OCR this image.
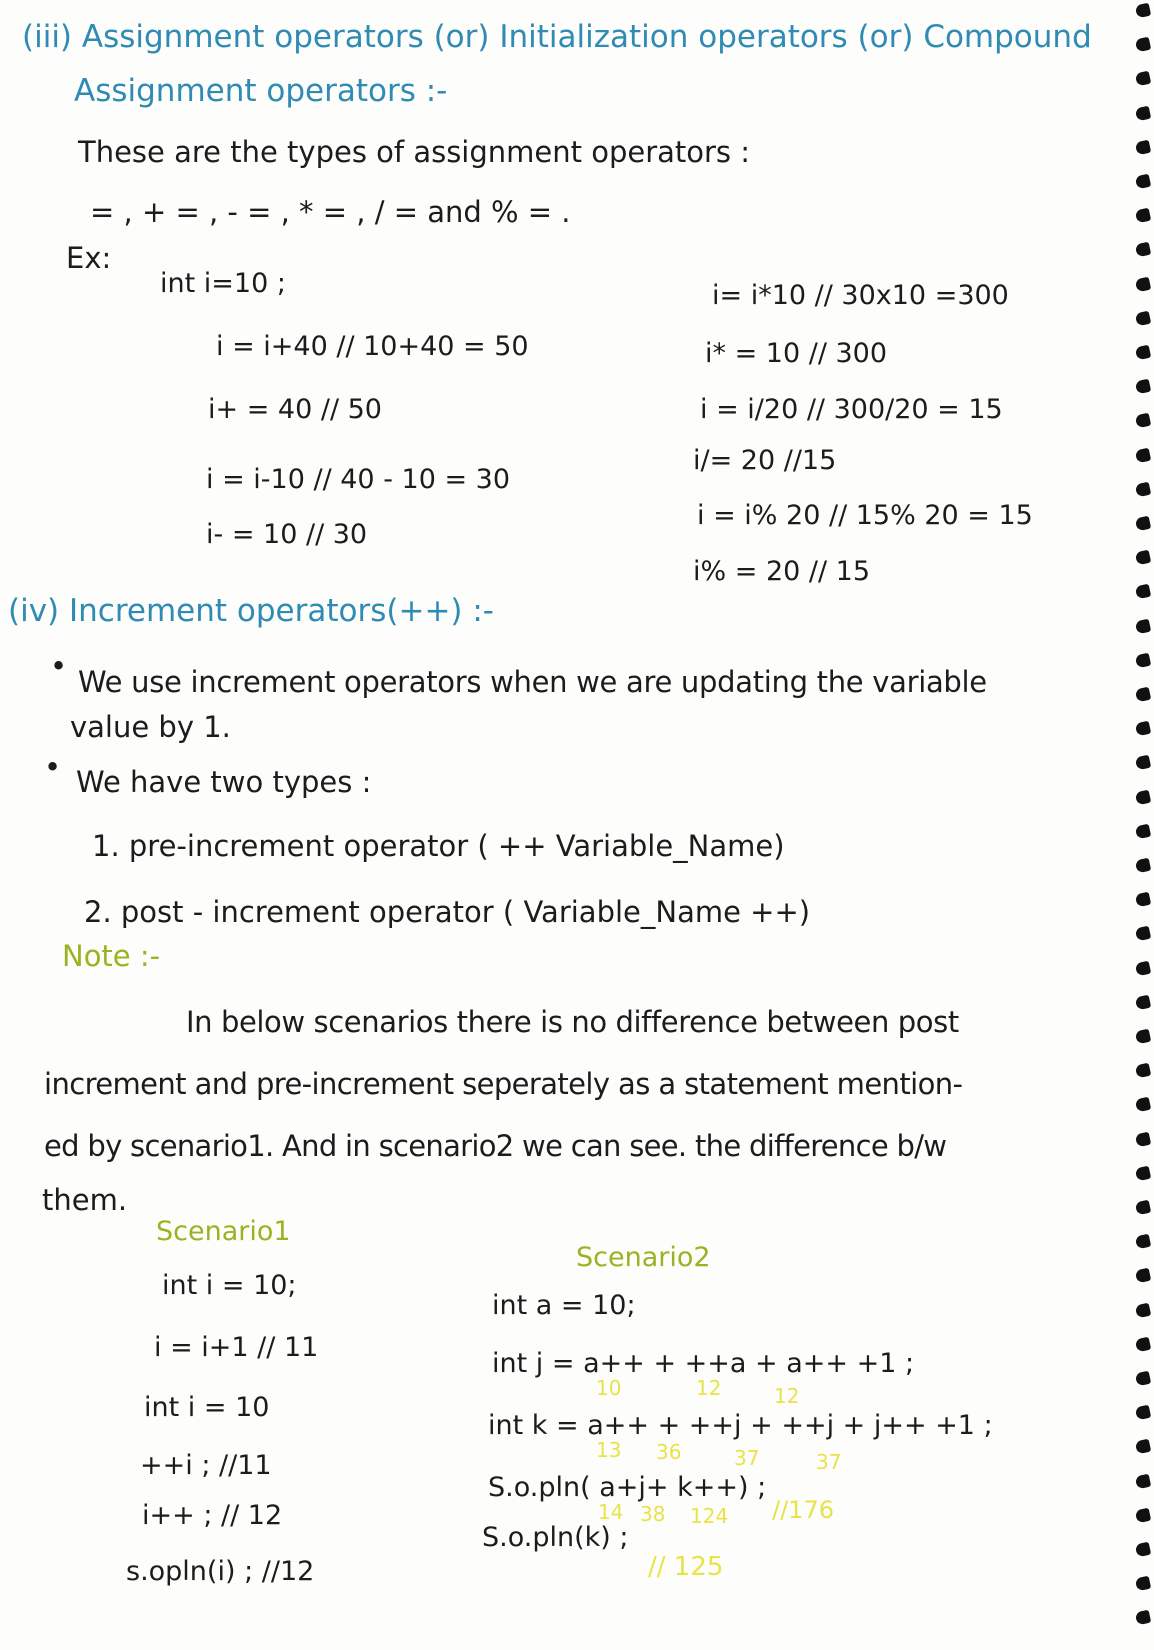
(iii) Assignment operators (or) Initialization operators (or) Compound
Assignment operators :-
These are the types of assignment operators :
= , + = , - = , * = , / = and % = .
Ex:
int i=10 ;
i = i+40 // 10+40 = 50
i+ = 40 // 50
i = i-10 // 40 - 10 = 30
i- = 10 // 30
i= i*10 // 30x10 =300
i* = 10 // 300
i = i/20 // 300/20 = 15
i/= 20 //15
i = i% 20 // 15% 20 = 15
i% = 20 // 15
(iv) Increment operators(++) :-
• We use increment operators when we are updating the variable
value by 1.
• We have two types :
1. pre-increment operator ( ++ Variable_Name)
2. post - increment operator ( Variable_Name ++)
Note :-
In below scenarios there is no difference between post
increment and pre-increment seperately as a statement mention-
ed by scenario1. And in scenario2 we can see. the difference b/w
them.
Scenario1
int i = 10;
i = i+1 // 11
int i = 10
++i ; //11
i++ ; // 12
s.opln(i) ; //12
Scenario2
int a = 10;
int j = a++ + ++a + a++ +1 ;
int k = a++ + ++j + ++j + j++ +1 ;
S.o.pln( a+j+ k++) ;
S.o.pln(k) ;
10	12	12
13 36	37	37
14 38 124 //176
// 125
